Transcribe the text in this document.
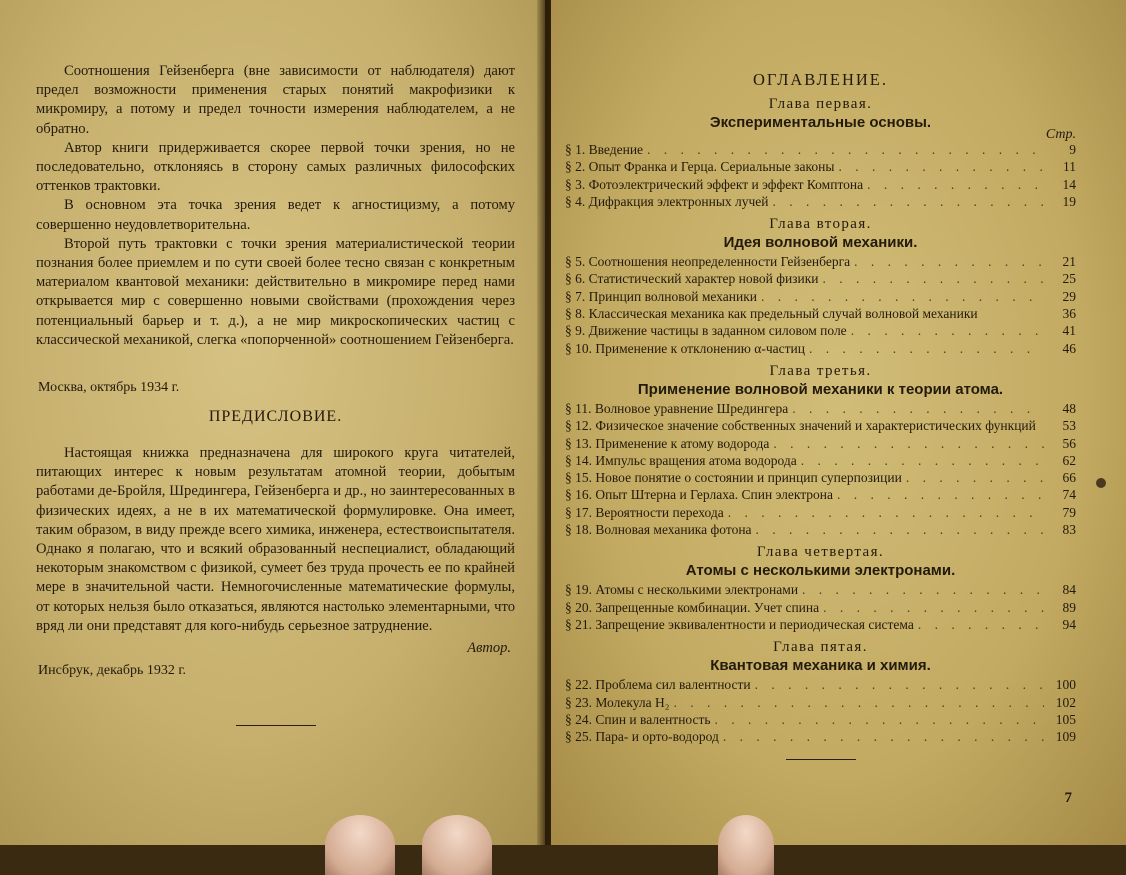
Соотношения Гейзенберга (вне зависимости от наблюдателя) дают предел возможности применения старых понятий макрофизики к микромиру, а потому и предел точности измерения наблюдателем, а не обратно.

Автор книги придерживается скорее первой точки зрения, но не последовательно, отклоняясь в сторону самых различных философских оттенков трактовки.

В основном эта точка зрения ведет к агностицизму, а потому совершенно неудовлетворительна.

Второй путь трактовки с точки зрения материалистической теории познания более приемлем и по сути своей более тесно связан с конкретным материалом квантовой механики: действительно в микромире перед нами открывается мир с совершенно новыми свойствами (прохождения через потенциальный барьер и т. д.), а не мир микроскопических частиц с классической механикой, слегка «попорченной» соотношением Гейзенберга.

Москва, октябрь 1934 г.
ПРЕДИСЛОВИЕ.

Настоящая книжка предназначена для широкого круга читателей, питающих интерес к новым результатам атомной теории, добытым работами де-Бройля, Шредингера, Гейзенберга и др., но заинтересованных в физических идеях, а не в их математической формулировке. Она имеет, таким образом, в виду прежде всего химика, инженера, естествоиспытателя. Однако я полагаю, что и всякий образованный неспециалист, обладающий некоторым знакомством с физикой, сумеет без труда прочесть ее по крайней мере в значительной части. Немногочисленные математические формулы, от которых нельзя было отказаться, являются настолько элементарными, что вряд ли они представят для кого-нибудь серьезное затруднение.

Автор.
Инсбрук, декабрь 1932 г.
ОГЛАВЛЕНИЕ.
Глава первая.
Экспериментальные основы.
Стр.
§ 1. Введение . . .	9
§ 2. Опыт Франка и Герца. Сериальные законы . . .	11
§ 3. Фотоэлектрический эффект и эффект Комптона . . .	14
§ 4. Дифракция электронных лучей . . .	19
Глава вторая.
Идея волновой механики.
§ 5. Соотношения неопределенности Гейзенберга . . .	21
§ 6. Статистический характер новой физики . . .	25
§ 7. Принцип волновой механики . . .	29
§ 8. Классическая механика как предельный случай волновой механики	36
§ 9. Движение частицы в заданном силовом поле . . .	41
§ 10. Применение к отклонению α-частиц . . .	46
Глава третья.
Применение волновой механики к теории атома.
§ 11. Волновое уравнение Шредингера . . .	48
§ 12. Физическое значение собственных значений и характеристических функций	53
§ 13. Применение к атому водорода . . .	56
§ 14. Импульс вращения атома водорода . . .	62
§ 15. Новое понятие о состоянии и принцип суперпозиции . . .	66
§ 16. Опыт Штерна и Герлаха. Спин электрона . . .	74
§ 17. Вероятности перехода . . .	79
§ 18. Волновая механика фотона . . .	83
Глава четвертая.
Атомы с несколькими электронами.
§ 19. Атомы с несколькими электронами . . .	84
§ 20. Запрещенные комбинации. Учет спина . . .	89
§ 21. Запрещение эквивалентности и периодическая система . . .	94
Глава пятая.
Квантовая механика и химия.
§ 22. Проблема сил валентности . . .	100
§ 23. Молекула H₂ . . .	102
§ 24. Спин и валентность . . .	105
§ 25. Пара- и орто-водород . . .	109
7
